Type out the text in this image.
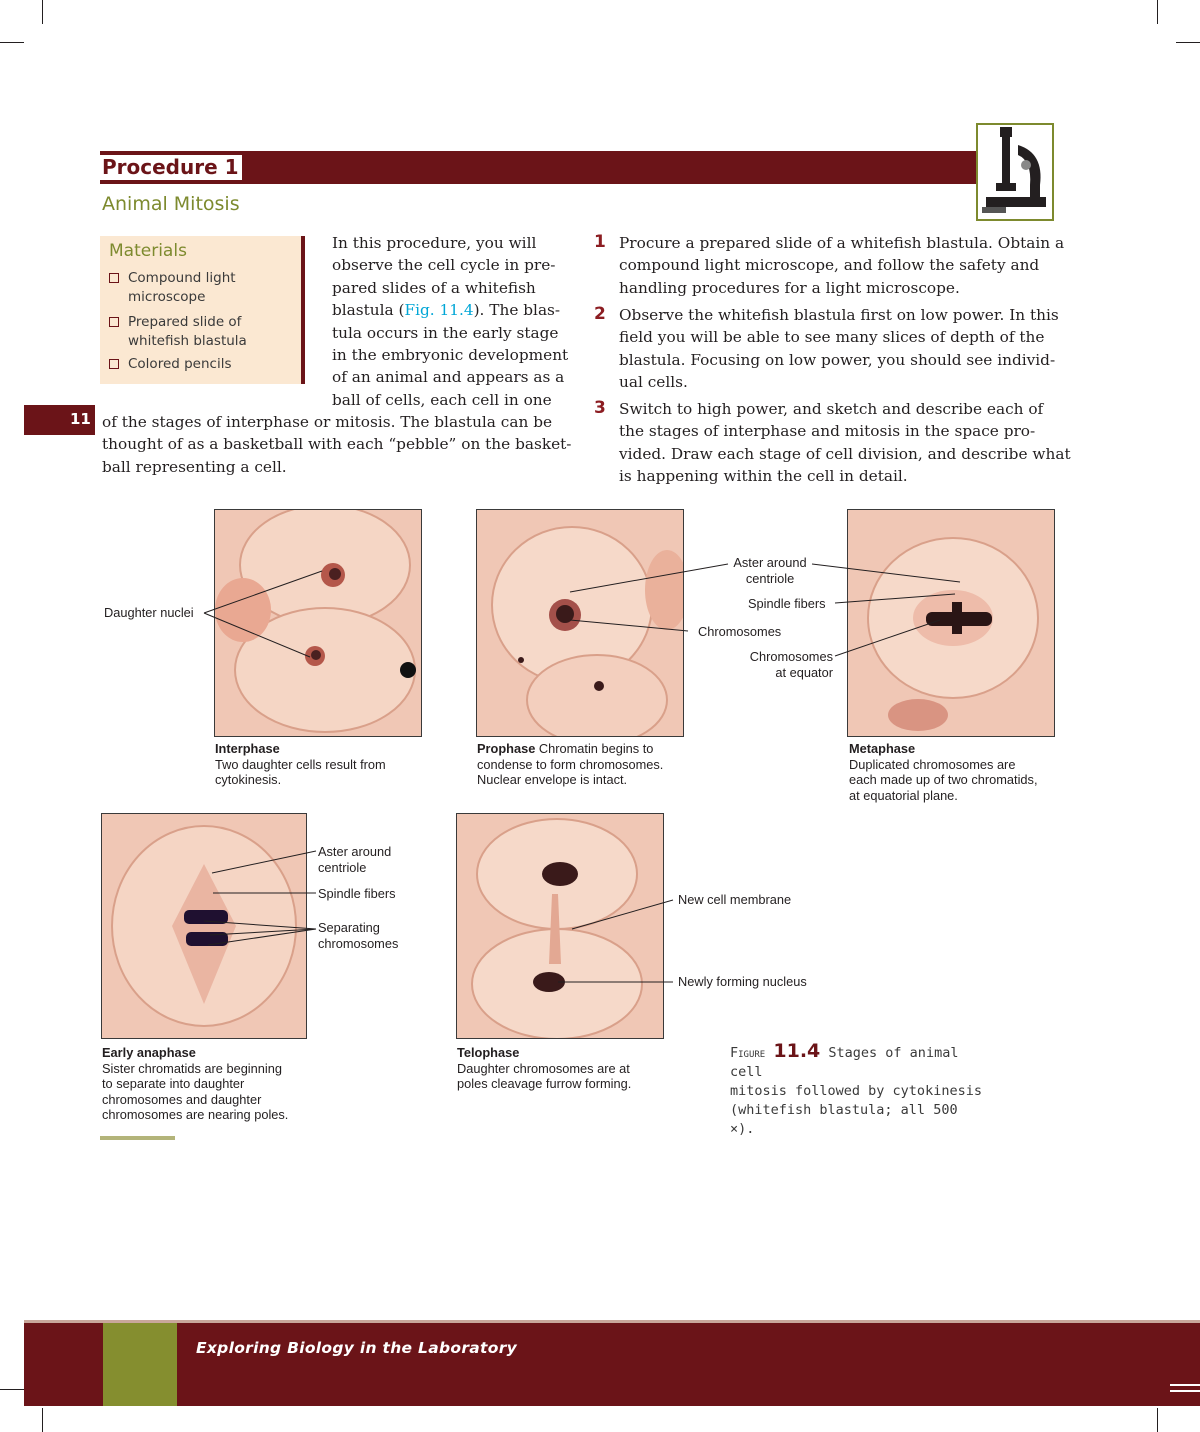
Procedure 1
Animal Mitosis
Materials
Compound light microscope
Prepared slide of whitefish blastula
Colored pencils
In this procedure, you will
observe the cell cycle in pre-
pared slides of a whitefish
blastula (Fig. 11.4). The blas-
tula occurs in the early stage
in the embryonic development
of an animal and appears as a
ball of cells, each cell in one
11 of the stages of interphase or mitosis. The blastula can be
thought of as a basketball with each “pebble” on the basket-
ball representing a cell.
1 Procure a prepared slide of a whitefish blastula. Obtain a
compound light microscope, and follow the safety and
handling procedures for a light microscope.
2 Observe the whitefish blastula first on low power. In this
field you will be able to see many slices of depth of the
blastula. Focusing on low power, you should see individ-
ual cells.
3 Switch to high power, and sketch and describe each of
the stages of interphase and mitosis in the space pro-
vided. Draw each stage of cell division, and describe what
is happening within the cell in detail.
Daughter nuclei
Interphase
Two daughter cells result from
cytokinesis.
Prophase Chromatin begins to
condense to form chromosomes.
Nuclear envelope is intact.
Aster around
centriole
Spindle fibers
Chromosomes
Chromosomes
at equator
Metaphase
Duplicated chromosomes are
each made up of two chromatids,
at equatorial plane.
Aster around
centriole
Spindle fibers
Separating
chromosomes
Early anaphase
Sister chromatids are beginning
to separate into daughter
chromosomes and daughter
chromosomes are nearing poles.
New cell membrane
Newly forming nucleus
Telophase
Daughter chromosomes are at
poles cleavage furrow forming.
Figure 11.4 Stages of animal cell
mitosis followed by cytokinesis
(whitefish blastula; all 500 ×).
Exploring Biology in the Laboratory
